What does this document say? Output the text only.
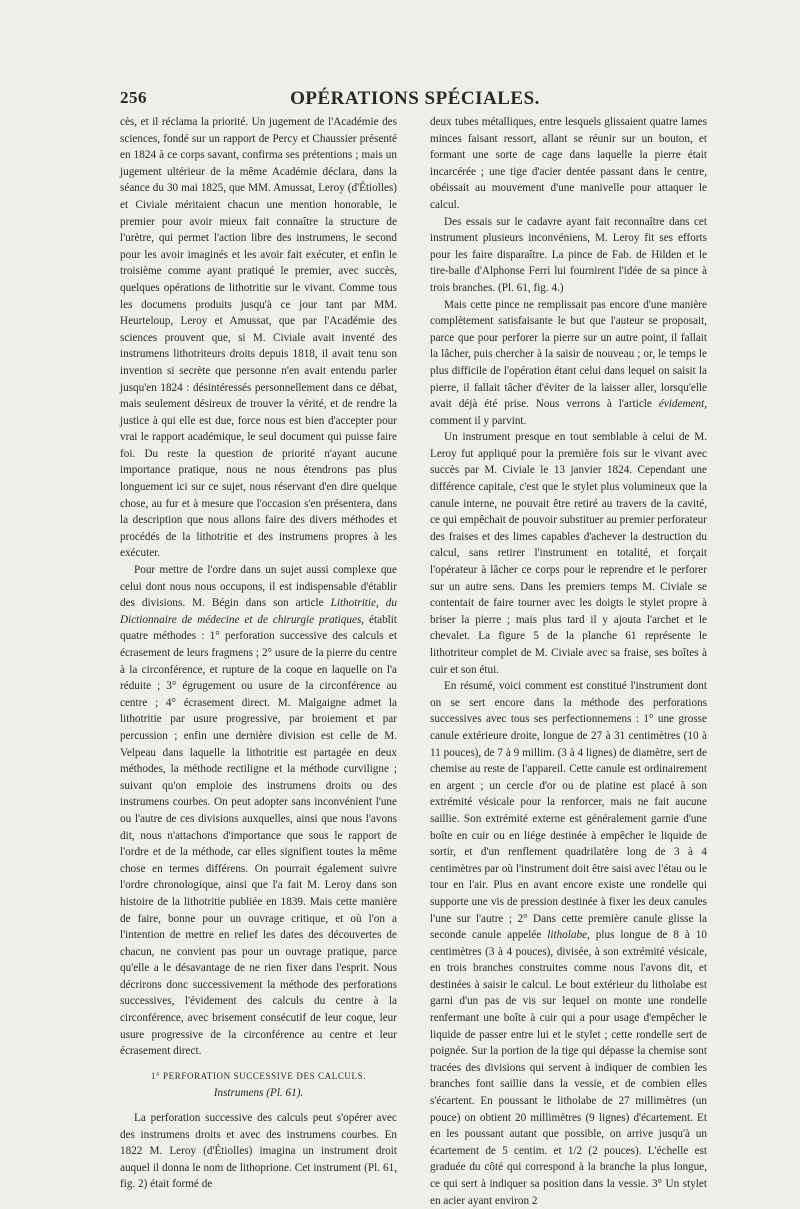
256	OPÉRATIONS SPÉCIALES.

cès, et il réclama la priorité. Un jugement de l'Académie des sciences, fondé sur un rapport de Percy et Chaussier présenté en 1824 à ce corps savant, confirma ses prétentions ; mais un jugement ultérieur de la même Académie déclara, dans la séance du 30 mai 1825, que MM. Amussat, Leroy (d'Étiolles) et Civiale méritaient chacun une mention honorable, le premier pour avoir mieux fait connaître la structure de l'urètre, qui permet l'action libre des instrumens, le second pour les avoir imaginés et les avoir fait exécuter, et enfin le troisième comme ayant pratiqué le premier, avec succès, quelques opérations de lithotritie sur le vivant. Comme tous les documens produits jusqu'à ce jour tant par MM. Heurteloup, Leroy et Amussat, que par l'Académie des sciences prouvent que, si M. Civiale avait inventé des instrumens lithotriteurs droits depuis 1818, il avait tenu son invention si secrète que personne n'en avait entendu parler jusqu'en 1824 : désintéressés personnellement dans ce débat, mais seulement désireux de trouver la vérité, et de rendre la justice à qui elle est due, force nous est bien d'accepter pour vrai le rapport académique, le seul document qui puisse faire foi. Du reste la question de priorité n'ayant aucune importance pratique, nous ne nous étendrons pas plus longuement ici sur ce sujet, nous réservant d'en dire quelque chose, au fur et à mesure que l'occasion s'en présentera, dans la description que nous allons faire des divers méthodes et procédés de la lithotritie et des instrumens propres à les exécuter.

Pour mettre de l'ordre dans un sujet aussi complexe que celui dont nous nous occupons, il est indispensable d'établir des divisions. M. Bégin dans son article Lithotritie, du Dictionnaire de médecine et de chirurgie pratiques, établit quatre méthodes : 1° perforation successive des calculs et écrasement de leurs fragmens ; 2° usure de la pierre du centre à la circonférence, et rupture de la coque en laquelle on l'a réduite ; 3° égrugement ou usure de la circonférence au centre ; 4° écrasement direct. M. Malgaigne admet la lithotritie par usure progressive, par broiement et par percussion ; enfin une dernière division est celle de M. Velpeau dans laquelle la lithotritie est partagée en deux méthodes, la méthode rectiligne et la méthode curviligne ; suivant qu'on emploie des instrumens droits ou des instrumens courbes. On peut adopter sans inconvénient l'une ou l'autre de ces divisions auxquelles, ainsi que nous l'avons dit, nous n'attachons d'importance que sous le rapport de l'ordre et de la méthode, car elles signifient toutes la même chose en termes différens. On pourrait également suivre l'ordre chronologique, ainsi que l'a fait M. Leroy dans son histoire de la lithotritie publiée en 1839. Mais cette manière de faire, bonne pour un ouvrage critique, et où l'on a l'intention de mettre en relief les dates des découvertes de chacun, ne convient pas pour un ouvrage pratique, parce qu'elle a le désavantage de ne rien fixer dans l'esprit. Nous décrirons donc successivement la méthode des perforations successives, l'évidement des calculs du centre à la circonférence, avec brisement consécutif de leur coque, leur usure progressive de la circonférence au centre et leur écrasement direct.

1° PERFORATION SUCCESSIVE DES CALCULS.
Instrumens (Pl. 61).

La perforation successive des calculs peut s'opérer avec des instrumens droits et avec des instrumens courbes. En 1822 M. Leroy (d'Étiolles) imagina un instrument droit auquel il donna le nom de lithoprione. Cet instrument (Pl. 61, fig. 2) était formé de

deux tubes métalliques, entre lesquels glissaient quatre lames minces faisant ressort, allant se réunir sur un bouton, et formant une sorte de cage dans laquelle la pierre était incarcérée ; une tige d'acier dentée passant dans le centre, obéissait au mouvement d'une manivelle pour attaquer le calcul.

Des essais sur le cadavre ayant fait reconnaître dans cet instrument plusieurs inconvéniens, M. Leroy fit ses efforts pour les faire disparaître. La pince de Fab. de Hilden et le tire-balle d'Alphonse Ferri lui fournirent l'idée de sa pince à trois branches. (Pl. 61, fig. 4.)

Mais cette pince ne remplissait pas encore d'une manière complètement satisfaisante le but que l'auteur se proposait, parce que pour perforer la pierre sur un autre point, il fallait la lâcher, puis chercher à la saisir de nouveau ; or, le temps le plus difficile de l'opération étant celui dans lequel on saisit la pierre, il fallait tâcher d'éviter de la laisser aller, lorsqu'elle avait déjà été prise. Nous verrons à l'article évidement, comment il y parvint.

Un instrument presque en tout semblable à celui de M. Leroy fut appliqué pour la première fois sur le vivant avec succès par M. Civiale le 13 janvier 1824. Cependant une différence capitale, c'est que le stylet plus volumineux que la canule interne, ne pouvait être retiré au travers de la cavité, ce qui empêchait de pouvoir substituer au premier perforateur des fraises et des limes capables d'achever la destruction du calcul, sans retirer l'instrument en totalité, et forçait l'opérateur à lâcher ce corps pour le reprendre et le perforer sur un autre sens. Dans les premiers temps M. Civiale se contentait de faire tourner avec les doigts le stylet propre à briser la pierre ; mais plus tard il y ajouta l'archet et le chevalet. La figure 5 de la planche 61 représente le lithotriteur complet de M. Civiale avec sa fraise, ses boîtes à cuir et son étui.

En résumé, voici comment est constitué l'instrument dont on se sert encore dans la méthode des perforations successives avec tous ses perfectionnemens : 1° une grosse canule extérieure droite, longue de 27 à 31 centimètres (10 à 11 pouces), de 7 à 9 millim. (3 à 4 lignes) de diamètre, sert de chemise au reste de l'appareil. Cette canule est ordinairement en argent ; un cercle d'or ou de platine est placé à son extrémité vésicale pour la renforcer, mais ne fait aucune saillie. Son extrémité externe est généralement garnie d'une boîte en cuir ou en liége destinée à empêcher le liquide de sortir, et d'un renflement quadrilatère long de 3 à 4 centimètres par où l'instrument doit être saisi avec l'étau ou le tour en l'air. Plus en avant encore existe une rondelle qui supporte une vis de pression destinée à fixer les deux canules l'une sur l'autre ; 2° Dans cette première canule glisse la seconde canule appelée litholabe, plus longue de 8 à 10 centimètres (3 à 4 pouces), divisée, à son extrémité vésicale, en trois branches construites comme nous l'avons dit, et destinées à saisir le calcul. Le bout extérieur du litholabe est garni d'un pas de vis sur lequel on monte une rondelle renfermant une boîte à cuir qui a pour usage d'empêcher le liquide de passer entre lui et le stylet ; cette rondelle sert de poignée. Sur la portion de la tige qui dépasse la chemise sont tracées des divisions qui servent à indiquer de combien les branches font saillie dans la vessie, et de combien elles s'écartent. En poussant le litholabe de 27 millimètres (un pouce) on obtient 20 millimètres (9 lignes) d'écartement. Et en les poussant autant que possible, on arrive jusqu'à un écartement de 5 centim. et 1/2 (2 pouces). L'échelle est graduée du côté qui correspond à la branche la plus longue, ce qui sert à indiquer sa position dans la vessie. 3° Un stylet en acier ayant environ 2
